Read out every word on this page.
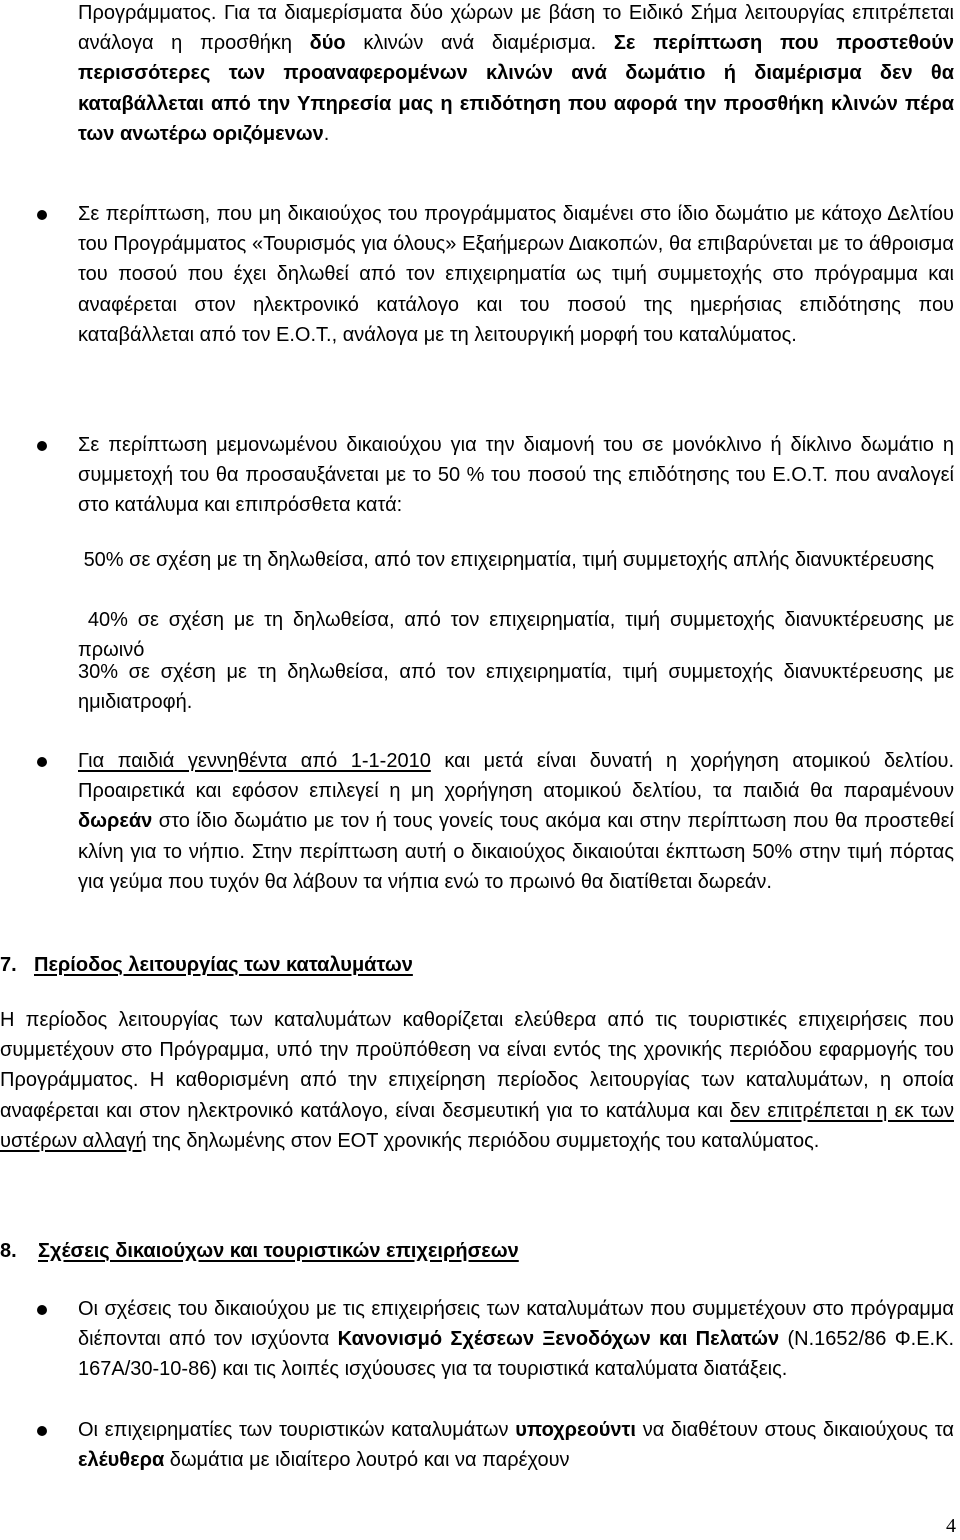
Προγράμματος. Για τα διαμερίσματα δύο χώρων με βάση το Ειδικό Σήμα λειτουργίας επιτρέπεται ανάλογα η προσθήκη δύο κλινών ανά διαμέρισμα. Σε περίπτωση που προστεθούν περισσότερες των προαναφερομένων κλινών ανά δωμάτιο ή διαμέρισμα δεν θα καταβάλλεται από την Υπηρεσία μας η επιδότηση που αφορά την προσθήκη κλινών πέρα των ανωτέρω οριζόμενων.

Σε περίπτωση, που μη δικαιούχος του προγράμματος διαμένει στο ίδιο δωμάτιο με κάτοχο Δελτίου του Προγράμματος «Τουρισμός για όλους» Εξαήμερων Διακοπών, θα επιβαρύνεται με το άθροισμα του ποσού που έχει δηλωθεί από τον επιχειρηματία ως τιμή συμμετοχής στο πρόγραμμα και αναφέρεται στον ηλεκτρονικό κατάλογο και του ποσού της ημερήσιας επιδότησης που καταβάλλεται από τον Ε.Ο.Τ., ανάλογα με τη λειτουργική μορφή του καταλύματος.

Σε περίπτωση μεμονωμένου δικαιούχου για την διαμονή του σε μονόκλινο ή δίκλινο δωμάτιο η συμμετοχή του θα προσαυξάνεται με το 50 % του ποσού της επιδότησης του Ε.Ο.Τ. που αναλογεί στο κατάλυμα και επιπρόσθετα κατά:

50% σε σχέση με τη δηλωθείσα, από τον επιχειρηματία, τιμή συμμετοχής απλής διανυκτέρευσης

40% σε σχέση με τη δηλωθείσα, από τον επιχειρηματία, τιμή συμμετοχής διανυκτέρευσης με πρωινό

30% σε σχέση με τη δηλωθείσα, από τον επιχειρηματία, τιμή συμμετοχής διανυκτέρευσης με ημιδιατροφή.

Για παιδιά γεννηθέντα από 1-1-2010 και μετά είναι δυνατή η χορήγηση ατομικού δελτίου. Προαιρετικά και εφόσον επιλεγεί η μη χορήγηση ατομικού δελτίου, τα παιδιά θα παραμένουν δωρεάν στο ίδιο δωμάτιο με τον ή τους γονείς τους ακόμα και στην περίπτωση που θα προστεθεί κλίνη για το νήπιο. Στην περίπτωση αυτή ο δικαιούχος δικαιούται έκπτωση 50% στην τιμή πόρτας για γεύμα που τυχόν θα λάβουν τα νήπια ενώ το πρωινό θα διατίθεται δωρεάν.

7. Περίοδος λειτουργίας των καταλυμάτων

Η περίοδος λειτουργίας των καταλυμάτων καθορίζεται ελεύθερα από τις τουριστικές επιχειρήσεις που συμμετέχουν στο Πρόγραμμα, υπό την προϋπόθεση να είναι εντός της χρονικής περιόδου εφαρμογής του Προγράμματος. Η καθορισμένη από την επιχείρηση περίοδος λειτουργίας των καταλυμάτων, η οποία αναφέρεται και στον ηλεκτρονικό κατάλογο, είναι δεσμευτική για το κατάλυμα και δεν επιτρέπεται η εκ των υστέρων αλλαγή της δηλωμένης στον ΕΟΤ χρονικής περιόδου συμμετοχής του καταλύματος.

8. Σχέσεις δικαιούχων και τουριστικών επιχειρήσεων

Οι σχέσεις του δικαιούχου με τις επιχειρήσεις των καταλυμάτων που συμμετέχουν στο πρόγραμμα διέπονται από τον ισχύοντα Κανονισμό Σχέσεων Ξενοδόχων και Πελατών (Ν.1652/86 Φ.Ε.Κ. 167Α/30-10-86) και τις λοιπές ισχύουσες για τα τουριστικά καταλύματα διατάξεις.

Οι επιχειρηματίες των τουριστικών καταλυμάτων υποχρεούντι να διαθέτουν στους δικαιούχους τα ελέυθερα δωμάτια με ιδιαίτερο λουτρό και να παρέχουν

4
